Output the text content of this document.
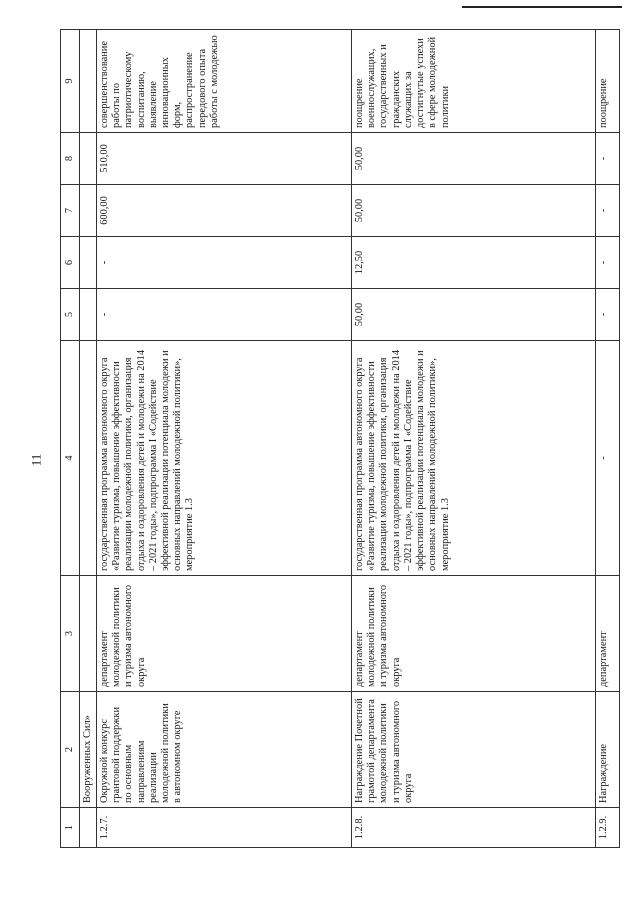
11
1	2	3	4	5	6	7	8	9
	Вооруженных Сил»							
1.2.7.	Окружной конкурс грантовой поддержки по основным направлениям реализации молодежной политики в автономном округе	департамент молодежной политики и туризма автономного округа	государственная программа автономного округа «Развитие туризма, повышение эффективности реализации молодежной политики, организация отдыха и оздоровления детей и молодежи на 2014 – 2021 годы», подпрограмма I «Содействие эффективной реализации потенциала молодежи и основных направлений молодежной политики», мероприятие 1.3	-	-	600,00	510,00	совершенствование работы по патриотическому воспитанию, выявление инновационных форм, распространение передового опыта работы с молодежью
1.2.8.	Награждение Почетной грамотой департамента молодежной политики и туризма автономного округа	департамент молодежной политики и туризма автономного округа	государственная программа автономного округа «Развитие туризма, повышение эффективности реализации молодежной политики, организация отдыха и оздоровления детей и молодежи на 2014 – 2021 годы», подпрограмма I «Содействие эффективной реализации потенциала молодежи и основных направлений молодежной политики», мероприятие 1.3	50,00	12,50	50,00	50,00	поощрение военнослужащих, государственных и гражданских служащих за достигнутые успехи в сфере молодежной политики
1.2.9.	Награждение	департамент	-	-	-	-	-	поощрение
